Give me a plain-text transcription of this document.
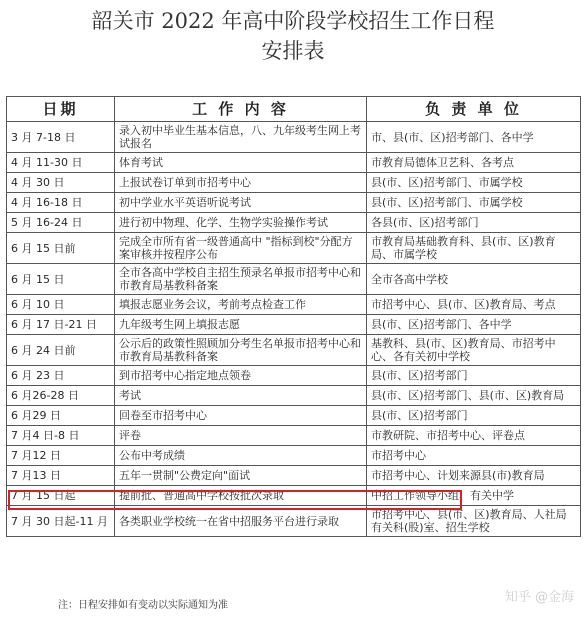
韶关市 2022 年高中阶段学校招生工作日程
安排表
日期	工 作 内 容	负 责 单 位
3 月 7-18 日	录入初中毕业生基本信息，八、九年级考生网上考试报名	市、县(市、区)招考部门、各中学
4 月 11-30 日	体育考试	市教育局德体卫艺科、各考点
4 月 30 日	上报试卷订单到市招考中心	县(市、区)招考部门、市属学校
4 月 16-18 日	初中学业水平英语听说考试	县(市、区)招考部门、市属学校
5 月 16-24 日	进行初中物理、化学、生物学实验操作考试	各县(市、区)招考部门
6 月 15 日前	完成全市所有省一级普通高中 "指标到校"分配方案审核并按程序公布	市教育局基础教育科、县(市、区)教育局、市属学校
6 月 15 日	全市各高中学校自主招生预录名单报市招考中心和市教育局基教科备案	全市各高中学校
6 月 10 日	填报志愿业务会议，考前考点检查工作	市招考中心、县(市、区)教育局、考点
6 月 17 日-21 日	九年级考生网上填报志愿	县(市、区)招考部门、各中学
6 月 24 日前	公示后的政策性照顾加分考生名单报市招考中心和市教育局基教科备案	基教科、县(市、区)教育局、市招考中心、各有关初中学校
6 月 23 日	到市招考中心指定地点领卷	县(市、区)招考部门
6 月26-28 日	考试	县(市、区)招考部门、县(市、区)教育局
6 月29 日	回卷至市招考中心	县(市、区)招考部门
7 月4 日-8 日	评卷	市教研院、市招考中心、评卷点
7 月12 日	公布中考成绩	市招考中心
7 月13 日	五年一贯制"公费定向"面试	市招考中心、计划来源县(市)教育局
7 月 15 日起	提前批、普通高中学校按批次录取	中招工作领导小组、有关中学
7 月 30 日起-11 月	各类职业学校统一在省中招服务平台进行录取	市招考中心、县(市、区)教育局、人社局有关科(股)室、招生学校
注：日程安排如有变动以实际通知为准
知乎 @金海
